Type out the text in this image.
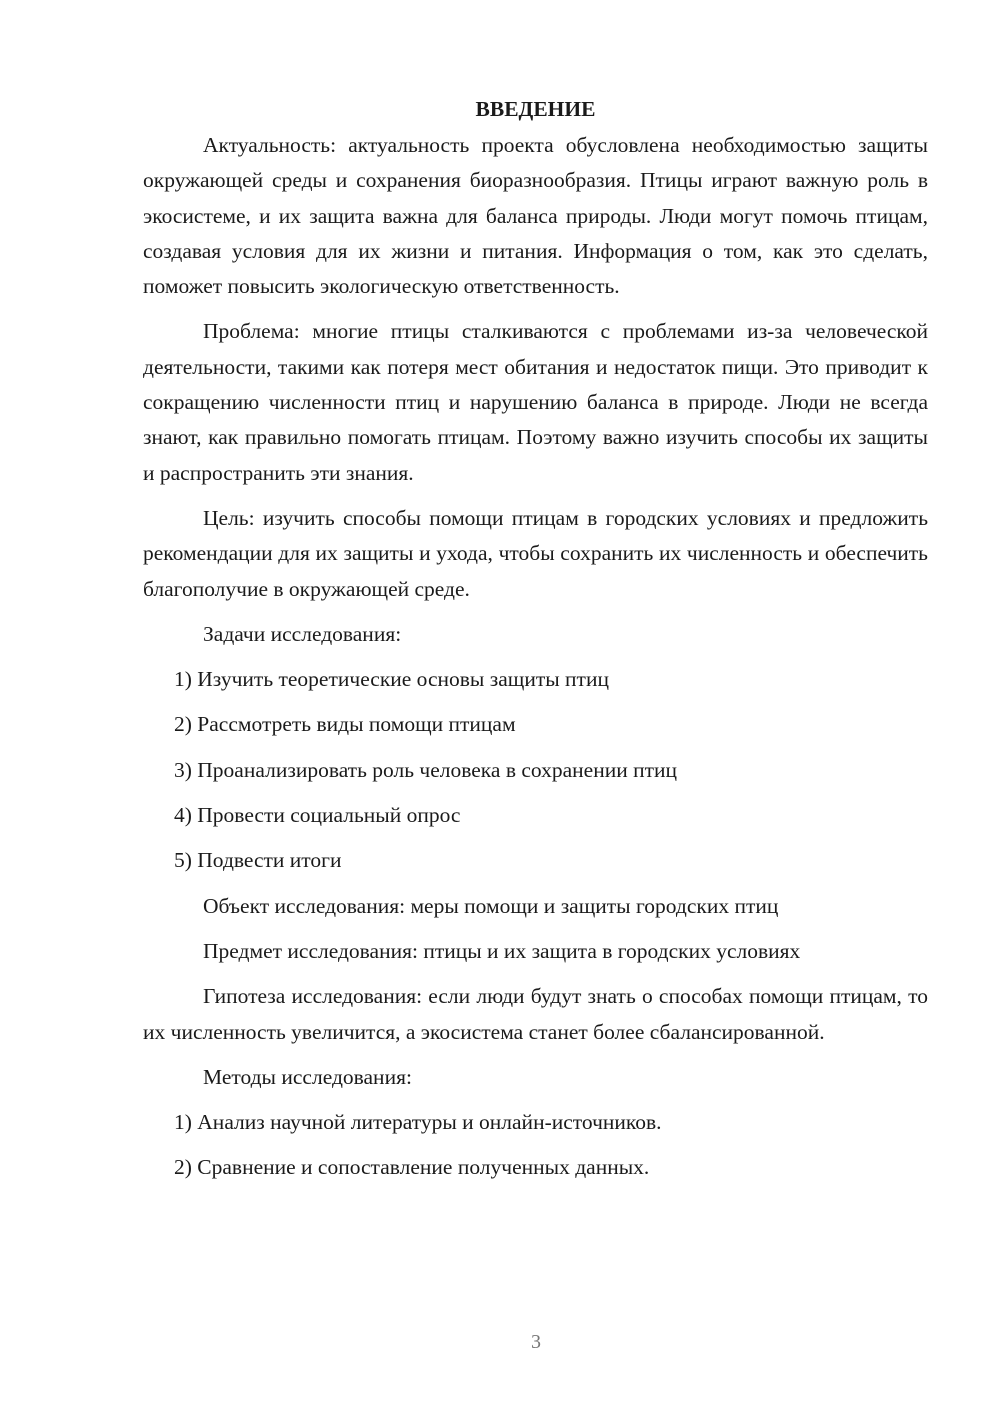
ВВЕДЕНИЕ

Актуальность: актуальность проекта обусловлена необходимостью защиты окружающей среды и сохранения биоразнообразия. Птицы играют важную роль в экосистеме, и их защита важна для баланса природы. Люди могут помочь птицам, создавая условия для их жизни и питания. Информация о том, как это сделать, поможет повысить экологическую ответственность.

Проблема: многие птицы сталкиваются с проблемами из-за человеческой деятельности, такими как потеря мест обитания и недостаток пищи. Это приводит к сокращению численности птиц и нарушению баланса в природе. Люди не всегда знают, как правильно помогать птицам. Поэтому важно изучить способы их защиты и распространить эти знания.

Цель: изучить способы помощи птицам в городских условиях и предложить рекомендации для их защиты и ухода, чтобы сохранить их численность и обеспечить благополучие в окружающей среде.

Задачи исследования:
1) Изучить теоретические основы защиты птиц
2) Рассмотреть виды помощи птицам
3) Проанализировать роль человека в сохранении птиц
4) Провести социальный опрос
5) Подвести итоги
Объект исследования: меры помощи и защиты городских птиц
Предмет исследования: птицы и их защита в городских условиях

Гипотеза исследования: если люди будут знать о способах помощи птицам, то их численность увеличится, а экосистема станет более сбалансированной.

Методы исследования:
1) Анализ научной литературы и онлайн-источников.
2) Сравнение и сопоставление полученных данных.
3
